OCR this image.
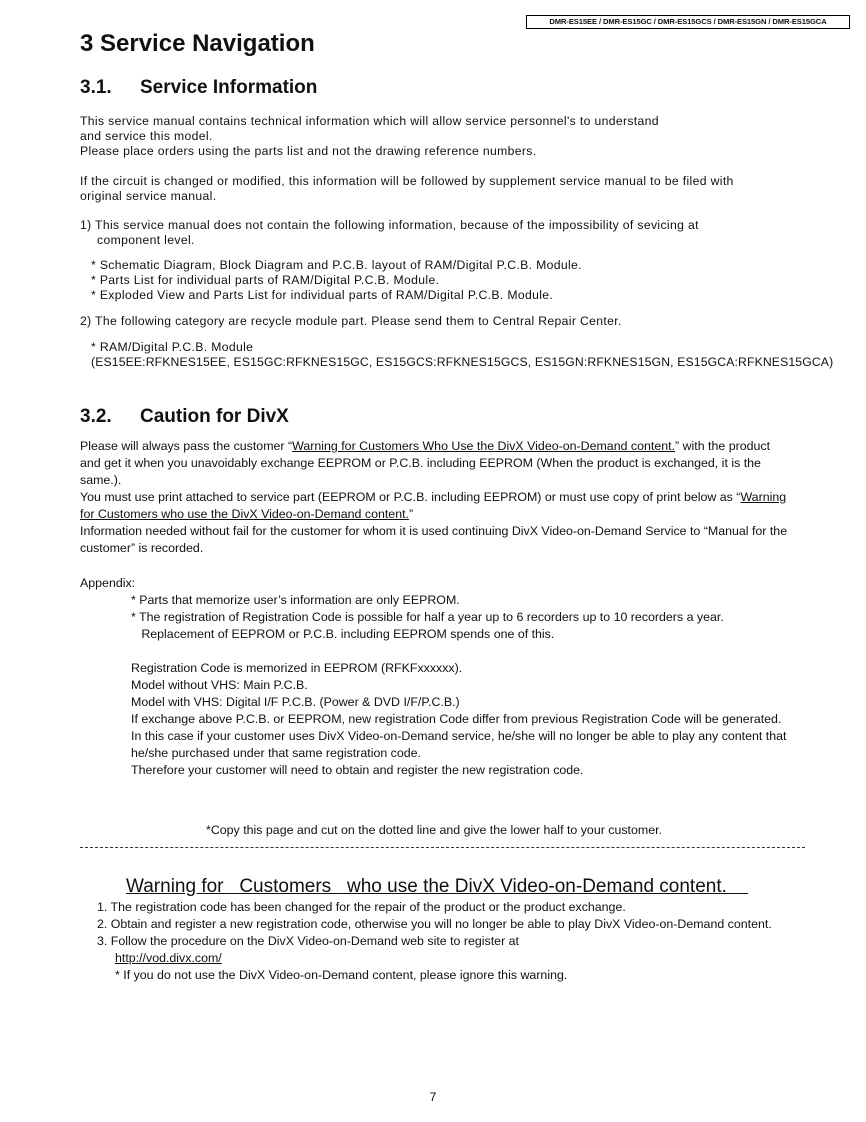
DMR-ES15EE / DMR-ES15GC / DMR-ES15GCS / DMR-ES15GN / DMR-ES15GCA
3 Service Navigation
3.1. Service Information
This service manual contains technical information which will allow service personnel's to understand
and service this model.
Please place orders using the parts list and not the drawing reference numbers.
If the circuit is changed or modified, this information will be followed by supplement service manual to be filed with
original service manual.
1) This service manual does not contain the following information, because of the impossibility of sevicing at
component level.
* Schematic Diagram, Block Diagram and P.C.B. layout of RAM/Digital P.C.B. Module.
* Parts List for individual parts of RAM/Digital P.C.B. Module.
* Exploded View and Parts List for individual parts of RAM/Digital P.C.B. Module.
2) The following category are recycle module part. Please send them to Central Repair Center.
* RAM/Digital P.C.B. Module
(ES15EE:RFKNES15EE, ES15GC:RFKNES15GC, ES15GCS:RFKNES15GCS, ES15GN:RFKNES15GN, ES15GCA:RFKNES15GCA)
3.2. Caution for DivX
Please will always pass the customer “Warning for Customers Who Use the DivX Video-on-Demand content.” with the product
and get it when you unavoidably exchange EEPROM or P.C.B. including EEPROM (When the product is exchanged, it is the
same.).
You must use print attached to service part (EEPROM or P.C.B. including EEPROM) or must use copy of print below as “Warning
for Customers who use the DivX Video-on-Demand content.”
Information needed without fail for the customer for whom it is used continuing DivX Video-on-Demand Service to “Manual for the
customer” is recorded.
Appendix:
* Parts that memorize user’s information are only EEPROM.
* The registration of Registration Code is possible for half a year up to 6 recorders up to 10 recorders a year.
Replacement of EEPROM or P.C.B. including EEPROM spends one of this.
Registration Code is memorized in EEPROM (RFKFxxxxxx).
Model without VHS: Main P.C.B.
Model with VHS: Digital I/F P.C.B. (Power & DVD I/F/P.C.B.)
If exchange above P.C.B. or EEPROM, new registration Code differ from previous Registration Code will be generated.
In this case if your customer uses DivX Video-on-Demand service, he/she will no longer be able to play any content that
he/she purchased under that same registration code.
Therefore your customer will need to obtain and register the new registration code.
*Copy this page and cut on the dotted line and give the lower half to your customer.
Warning for   Customers   who use the DivX Video-on-Demand content.
1. The registration code has been changed for the repair of the product or the product exchange.
2. Obtain and register a new registration code, otherwise you will no longer be able to play DivX Video-on-Demand content.
3. Follow the procedure on the DivX Video-on-Demand web site to register at
http://vod.divx.com/
* If you do not use the DivX Video-on-Demand content, please ignore this warning.
7
